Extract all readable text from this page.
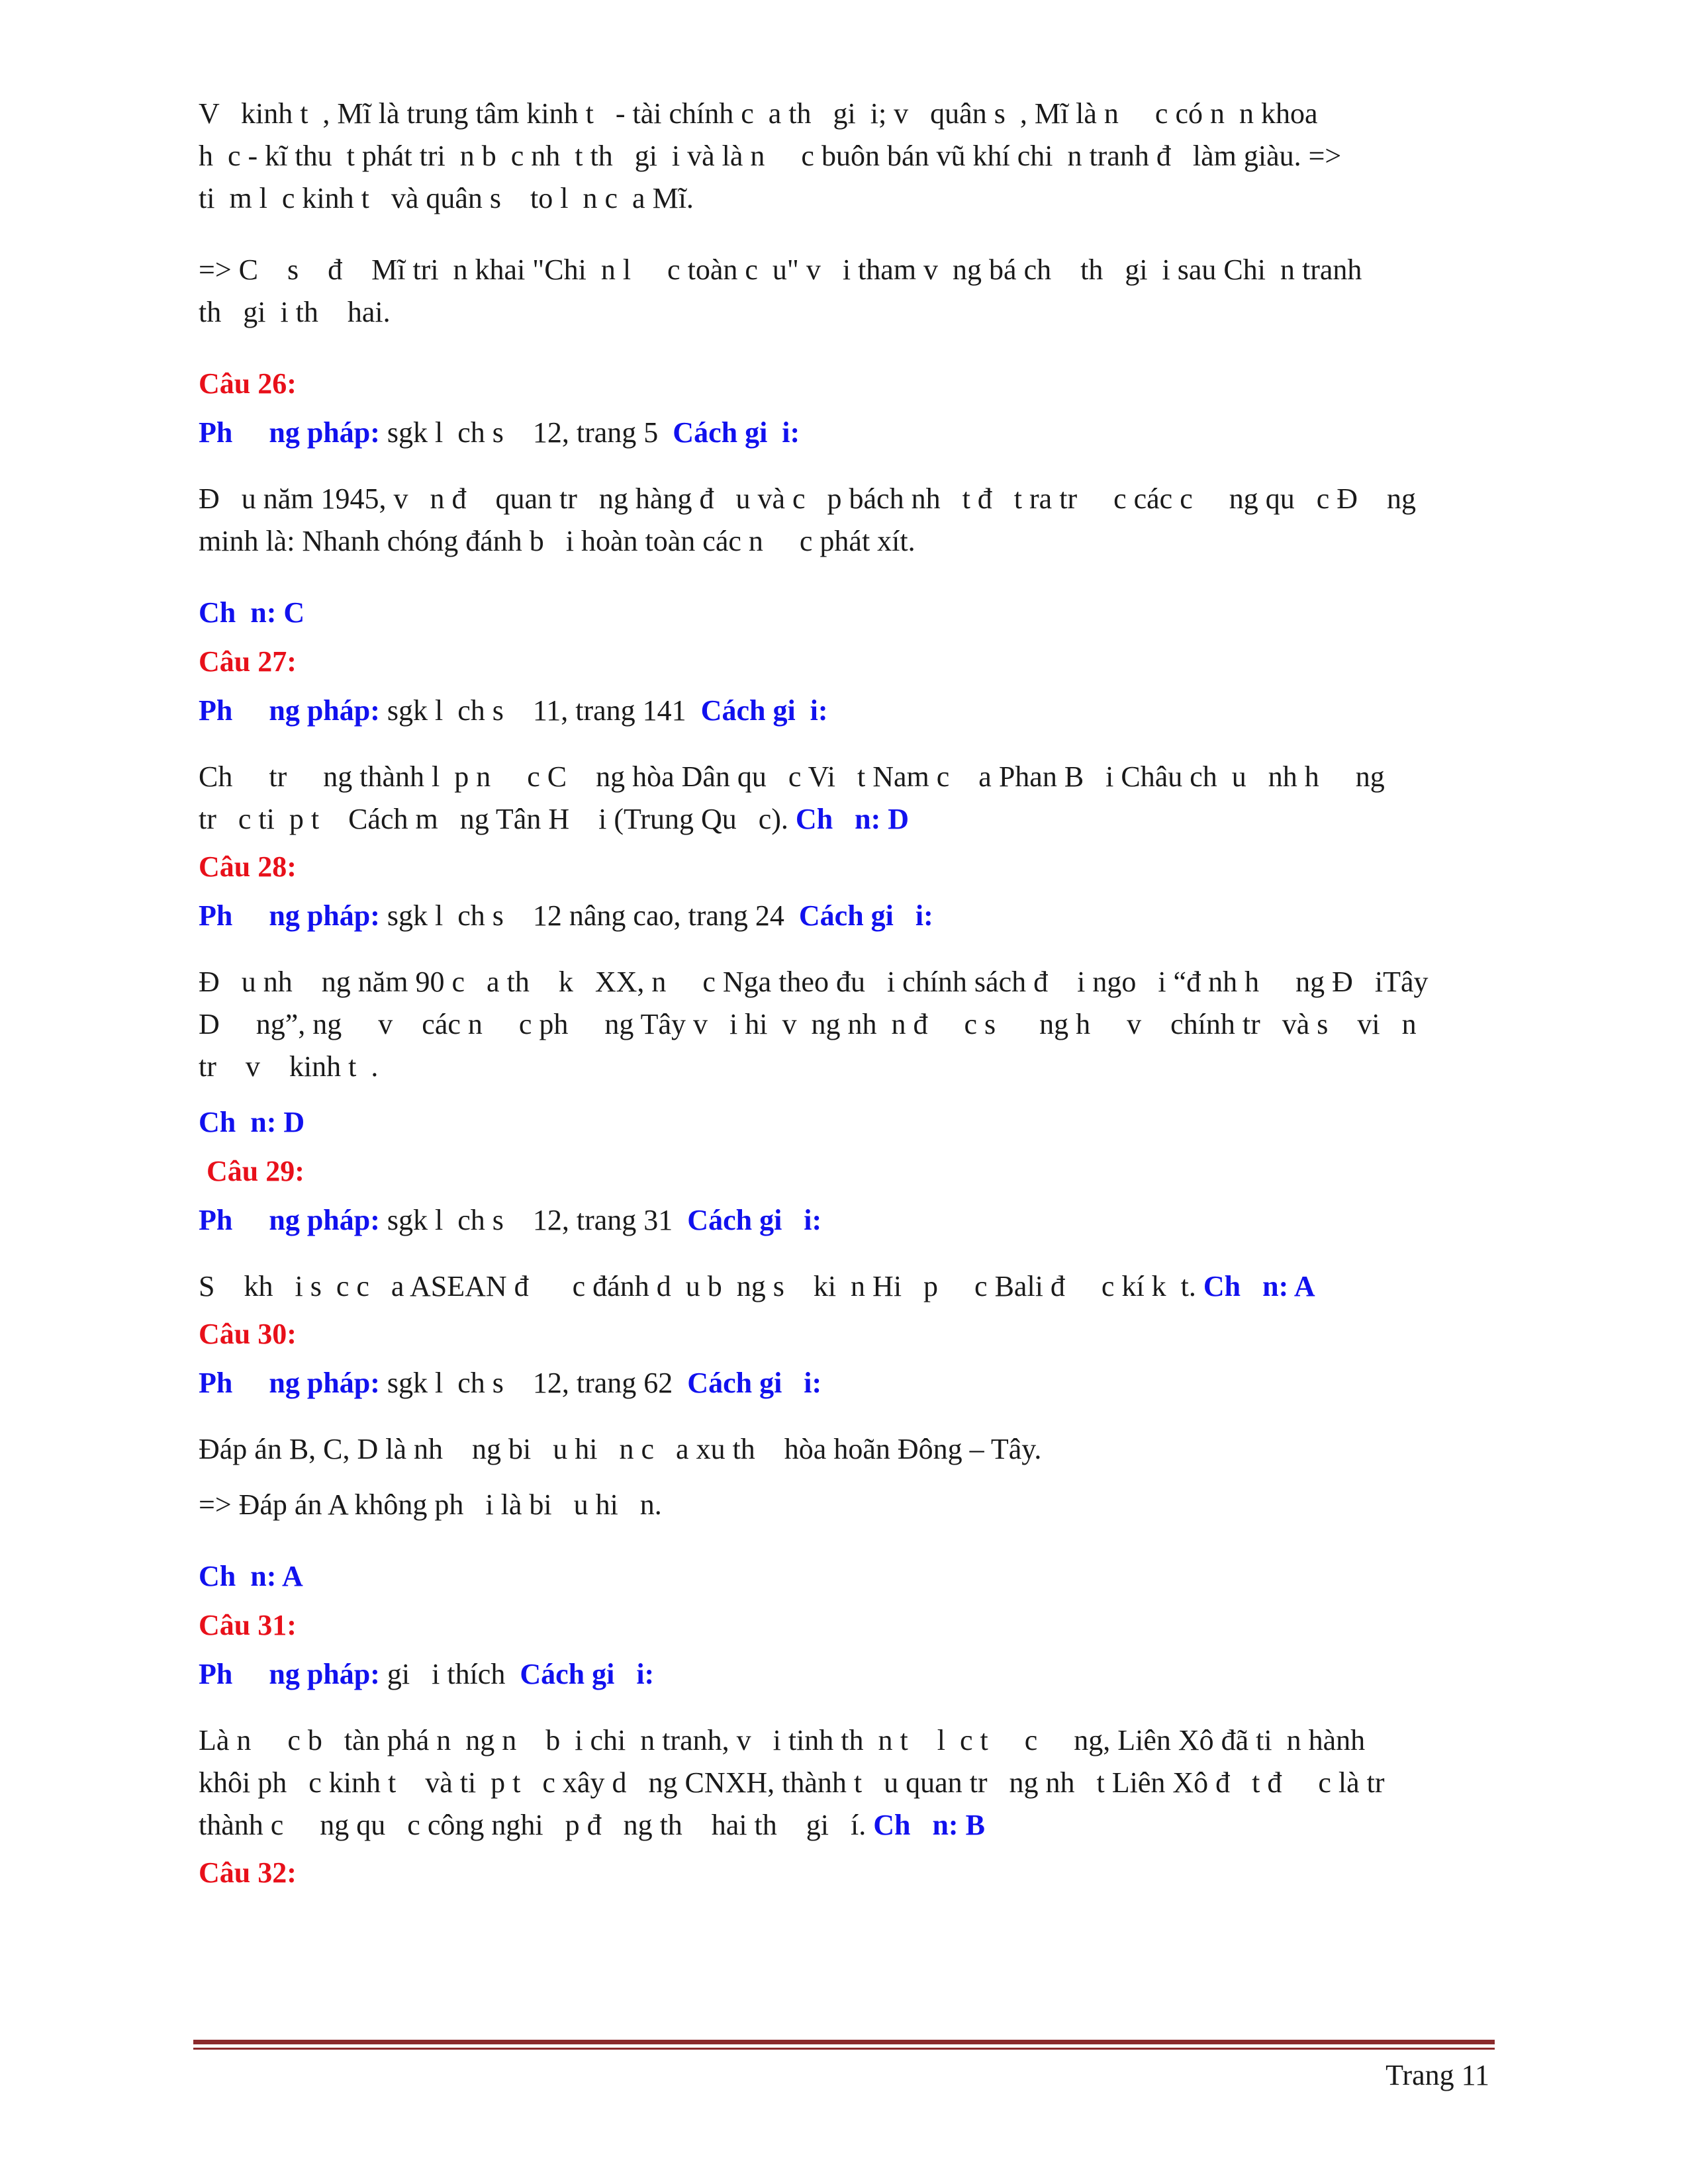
V   kinh t  , Mĩ là trung tâm kinh t   - tài chính c  a th   gi  i; v   quân s  , Mĩ là n     c có n  n khoa
h  c - kĩ thu  t phát tri  n b  c nh  t th   gi  i và là n     c buôn bán vũ khí chi  n tranh đ   làm giàu. =>
ti  m l  c kinh t   và quân s    to l  n c  a Mĩ.
=> C    s    đ    Mĩ tri  n khai "Chi  n l     c toàn c  u" v   i tham v  ng bá ch    th   gi  i sau Chi  n tranh
th   gi  i th    hai.
Câu 26:
Ph     ng pháp: sgk l  ch s    12, trang 5  Cách gi  i:
Đ   u năm 1945, v   n đ    quan tr   ng hàng đ   u và c   p bách nh   t đ   t ra tr     c các c     ng qu   c Đ    ng
minh là: Nhanh chóng đánh b   i hoàn toàn các n     c phát xít.
Ch  n: C
Câu 27:
Ph     ng pháp: sgk l  ch s    11, trang 141  Cách gi  i:
Ch     tr     ng thành l  p n     c C    ng hòa Dân qu   c Vi   t Nam c    a Phan B   i Châu ch  u   nh h     ng
tr   c ti  p t    Cách m   ng Tân H    i (Trung Qu   c). Ch   n: D
Câu 28:
Ph     ng pháp: sgk l  ch s    12 nâng cao, trang 24  Cách gi   i:
Đ   u nh    ng năm 90 c   a th    k   XX, n     c Nga theo đu   i chính sách đ    i ngo   i “đ nh h     ng Đ   iTây
D     ng”, ng     v    các n     c ph     ng Tây v   i hi  v  ng nh  n đ     c s      ng h     v    chính tr   và s    vi   n
tr    v    kinh t  .
Ch  n: D
Câu 29:
Ph     ng pháp: sgk l  ch s    12, trang 31  Cách gi   i:
S    kh   i s  c c   a ASEAN đ      c đánh d  u b  ng s    ki  n Hi   p     c Bali đ     c kí k  t. Ch   n: A
Câu 30:
Ph     ng pháp: sgk l  ch s    12, trang 62  Cách gi   i:
Đáp án B, C, D là nh    ng bi   u hi   n c   a xu th    hòa hoãn Đông – Tây.
=> Đáp án A không ph   i là bi   u hi   n.
Ch  n: A
Câu 31:
Ph     ng pháp: gi   i thích  Cách gi   i:
Là n     c b   tàn phá n  ng n    b  i chi  n tranh, v   i tinh th  n t    l  c t     c     ng, Liên Xô đã ti  n hành
khôi ph   c kinh t    và ti  p t   c xây d   ng CNXH, thành t   u quan tr   ng nh   t Liên Xô đ   t đ     c là tr
thành c     ng qu   c công nghi   p đ   ng th    hai th    gi   í. Ch   n: B
Câu 32:
Trang 11
